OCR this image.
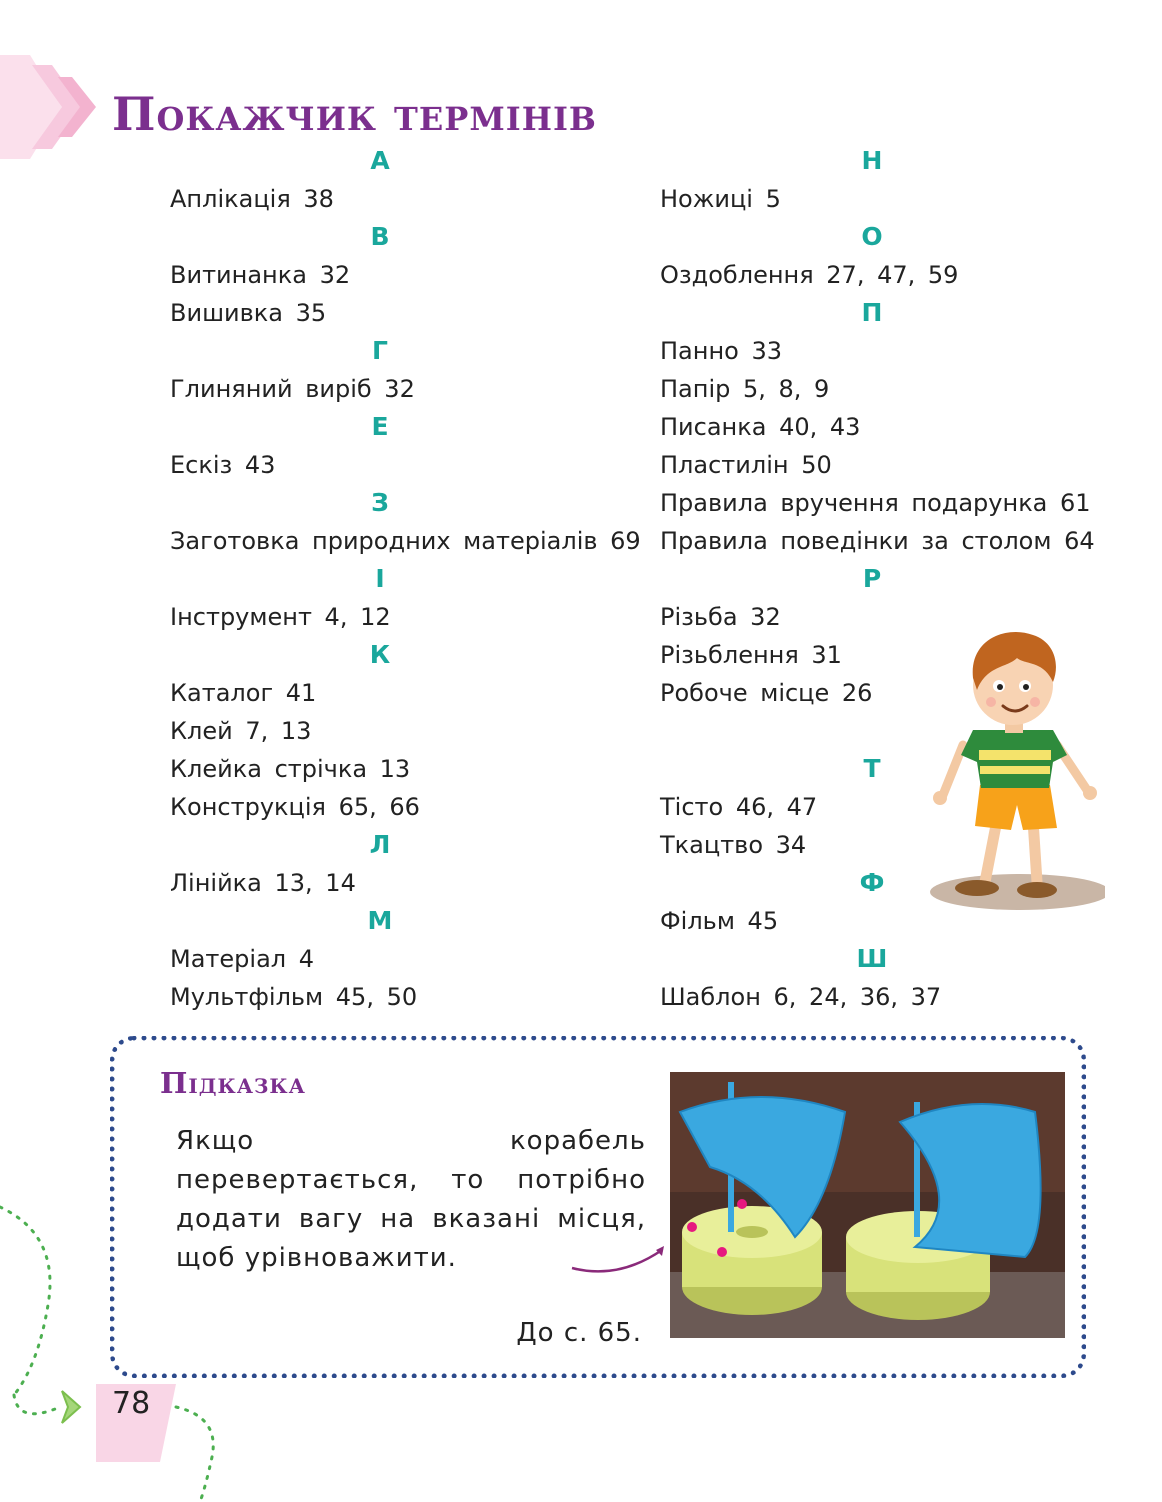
Покажчик термінів
А
Аплікація 38
В
Витинанка 32
Вишивка 35
Г
Глиняний виріб 32
Е
Ескіз 43
З
Заготовка природних матеріалів 69
І
Інструмент 4, 12
К
Каталог 41
Клей 7, 13
Клейка стрічка 13
Конструкція 65, 66
Л
Лінійка 13, 14
М
Матеріал 4
Мультфільм 45, 50
Н
Ножиці 5
О
Оздоблення 27, 47, 59
П
Панно 33
Папір 5, 8, 9
Писанка 40, 43
Пластилін 50
Правила вручення подарунка 61
Правила поведінки за столом 64
Р
Різьба 32
Різьблення 31
Робоче місце 26
Т
Тісто 46, 47
Ткацтво 34
Ф
Фільм 45
Ш
Шаблон 6, 24, 36, 37
Підказка

Якщо корабель перевертається, то потрібно додати вагу на вказані місця, щоб урівноважити.

До с. 65.
78
